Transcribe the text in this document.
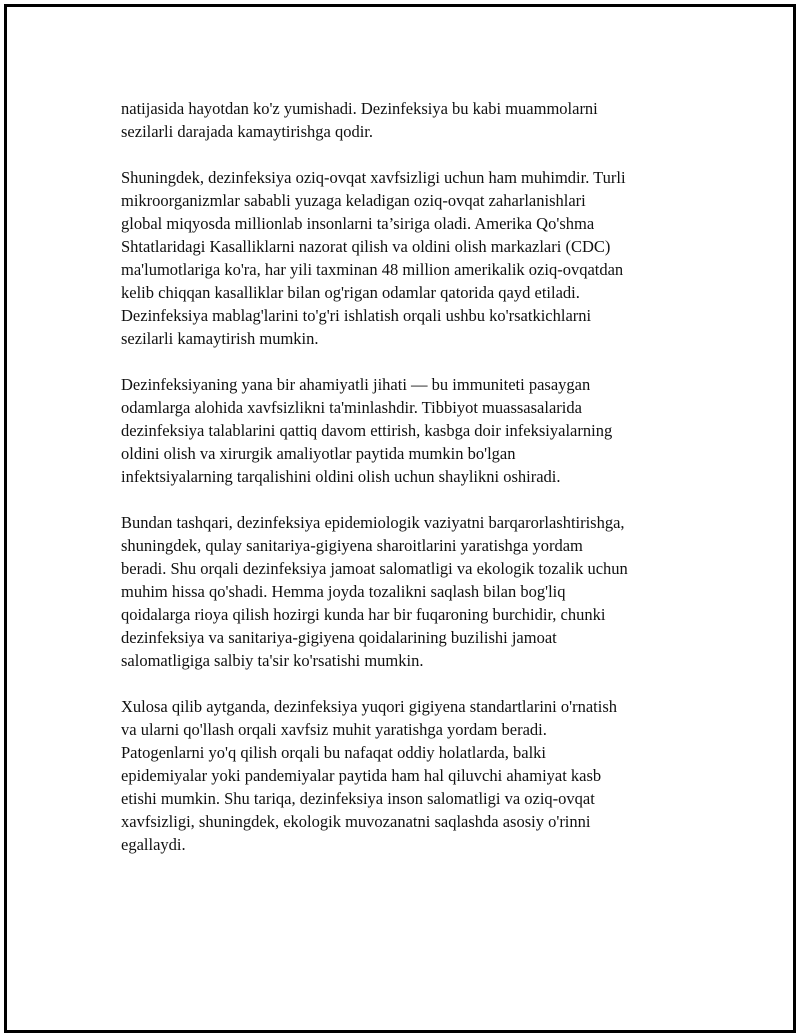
natijasida hayotdan ko'z yumishadi. Dezinfeksiya bu kabi muammolarni
sezilarli darajada kamaytirishga qodir.

Shuningdek, dezinfeksiya oziq-ovqat xavfsizligi uchun ham muhimdir. Turli
mikroorganizmlar sababli yuzaga keladigan oziq-ovqat zaharlanishlari
global miqyosda millionlab insonlarni ta’siriga oladi. Amerika Qo'shma
Shtatlaridagi Kasalliklarni nazorat qilish va oldini olish markazlari (CDC)
ma'lumotlariga ko'ra, har yili taxminan 48 million amerikalik oziq-ovqatdan
kelib chiqqan kasalliklar bilan og'rigan odamlar qatorida qayd etiladi.
Dezinfeksiya mablag'larini to'g'ri ishlatish orqali ushbu ko'rsatkichlarni
sezilarli kamaytirish mumkin.

Dezinfeksiyaning yana bir ahamiyatli jihati — bu immuniteti pasaygan
odamlarga alohida xavfsizlikni ta'minlashdir. Tibbiyot muassasalarida
dezinfeksiya talablarini qattiq davom ettirish, kasbga doir infeksiyalarning
oldini olish va xirurgik amaliyotlar paytida mumkin bo'lgan
infektsiyalarning tarqalishini oldini olish uchun shaylikni oshiradi.

Bundan tashqari, dezinfeksiya epidemiologik vaziyatni barqarorlashtirishga,
shuningdek, qulay sanitariya-gigiyena sharoitlarini yaratishga yordam
beradi. Shu orqali dezinfeksiya jamoat salomatligi va ekologik tozalik uchun
muhim hissa qo'shadi. Hemma joyda tozalikni saqlash bilan bog'liq
qoidalarga rioya qilish hozirgi kunda har bir fuqaroning burchidir, chunki
dezinfeksiya va sanitariya-gigiyena qoidalarining buzilishi jamoat
salomatligiga salbiy ta'sir ko'rsatishi mumkin.

Xulosa qilib aytganda, dezinfeksiya yuqori gigiyena standartlarini o'rnatish
va ularni qo'llash orqali xavfsiz muhit yaratishga yordam beradi.
Patogenlarni yo'q qilish orqali bu nafaqat oddiy holatlarda, balki
epidemiyalar yoki pandemiyalar paytida ham hal qiluvchi ahamiyat kasb
etishi mumkin. Shu tariqa, dezinfeksiya inson salomatligi va oziq-ovqat
xavfsizligi, shuningdek, ekologik muvozanatni saqlashda asosiy o'rinni
egallaydi.
